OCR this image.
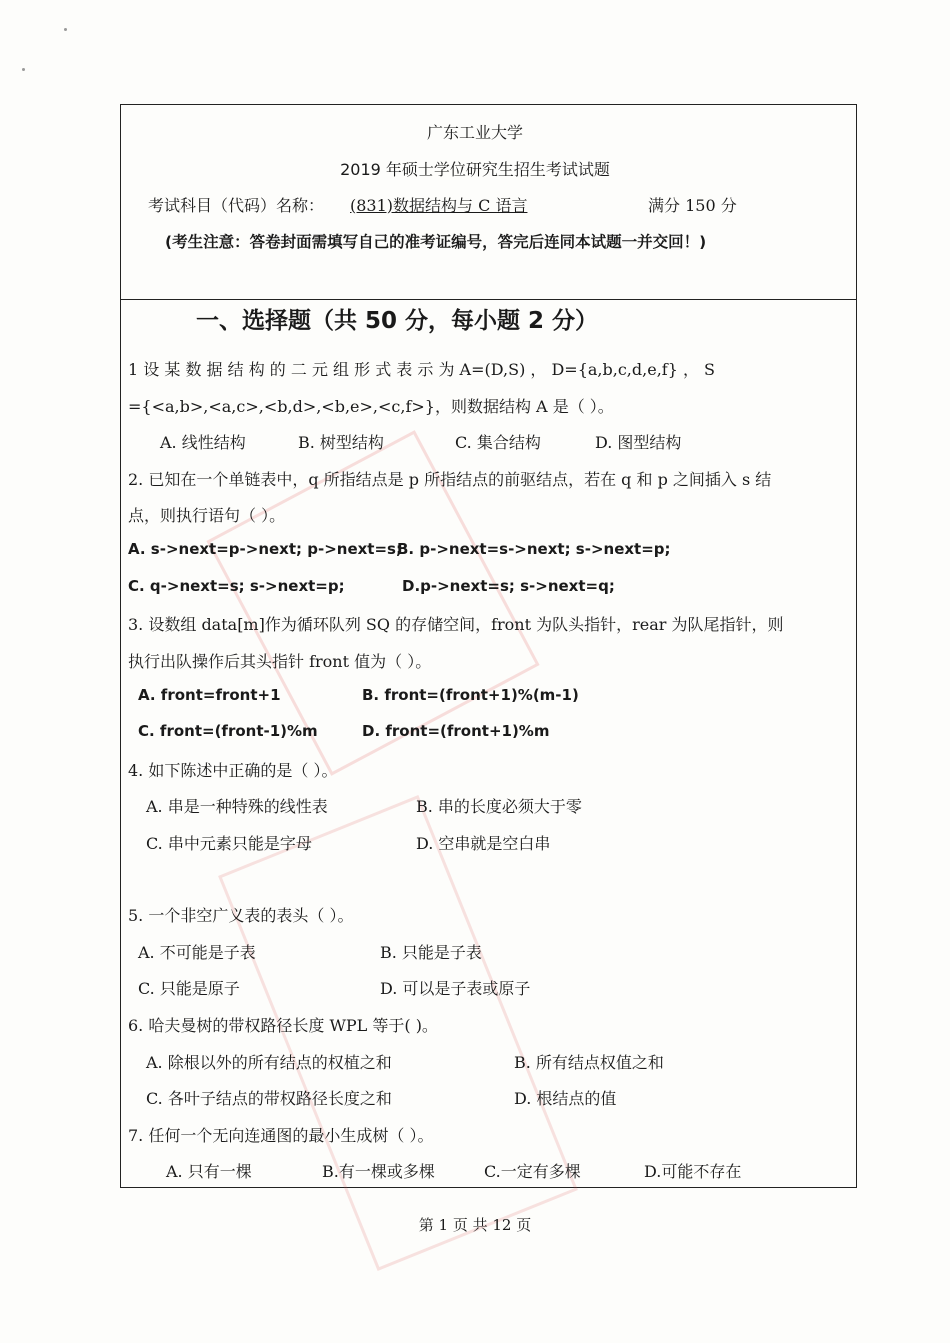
广东工业大学
2019 年硕士学位研究生招生考试试题
考试科目（代码）名称： (831)数据结构与 C 语言	满分 150 分
(考生注意：答卷封面需填写自己的准考证编号，答完后连同本试题一并交回！)
一、选择题（共 50 分，每小题 2 分）
1 设 某 数 据 结 构 的 二 元 组 形 式 表 示 为 A=(D,S) ， D={a,b,c,d,e,f} ， S
={<a,b>,<a,c>,<b,d>,<b,e>,<c,f>}，则数据结构 A 是（ ）。
A. 线性结构	B. 树型结构	C. 集合结构	D. 图型结构
2. 已知在一个单链表中，q 所指结点是 p 所指结点的前驱结点，若在 q 和 p 之间插入 s 结
点，则执行语句（ ）。
A. s->next=p->next; p->next=s;
B. p->next=s->next; s->next=p;
C. q->next=s; s->next=p;	D.p->next=s; s->next=q;
3. 设数组 data[m]作为循环队列 SQ 的存储空间，front 为队头指针，rear 为队尾指针，则
执行出队操作后其头指针 front 值为（ ）。
A. front=front+1	B. front=(front+1)%(m-1)
C. front=(front-1)%m	D. front=(front+1)%m
4. 如下陈述中正确的是（ ）。
A. 串是一种特殊的线性表	B. 串的长度必须大于零
C. 串中元素只能是字母	D. 空串就是空白串
5. 一个非空广义表的表头（ ）。
A. 不可能是子表	B. 只能是子表
C. 只能是原子	D. 可以是子表或原子
6. 哈夫曼树的带权路径长度 WPL 等于( )。
A. 除根以外的所有结点的权植之和	B. 所有结点权值之和
C. 各叶子结点的带权路径长度之和	D. 根结点的值
7. 任何一个无向连通图的最小生成树（ ）。
A. 只有一棵	B.有一棵或多棵	C.一定有多棵	D.可能不存在
第 1 页 共 12 页
